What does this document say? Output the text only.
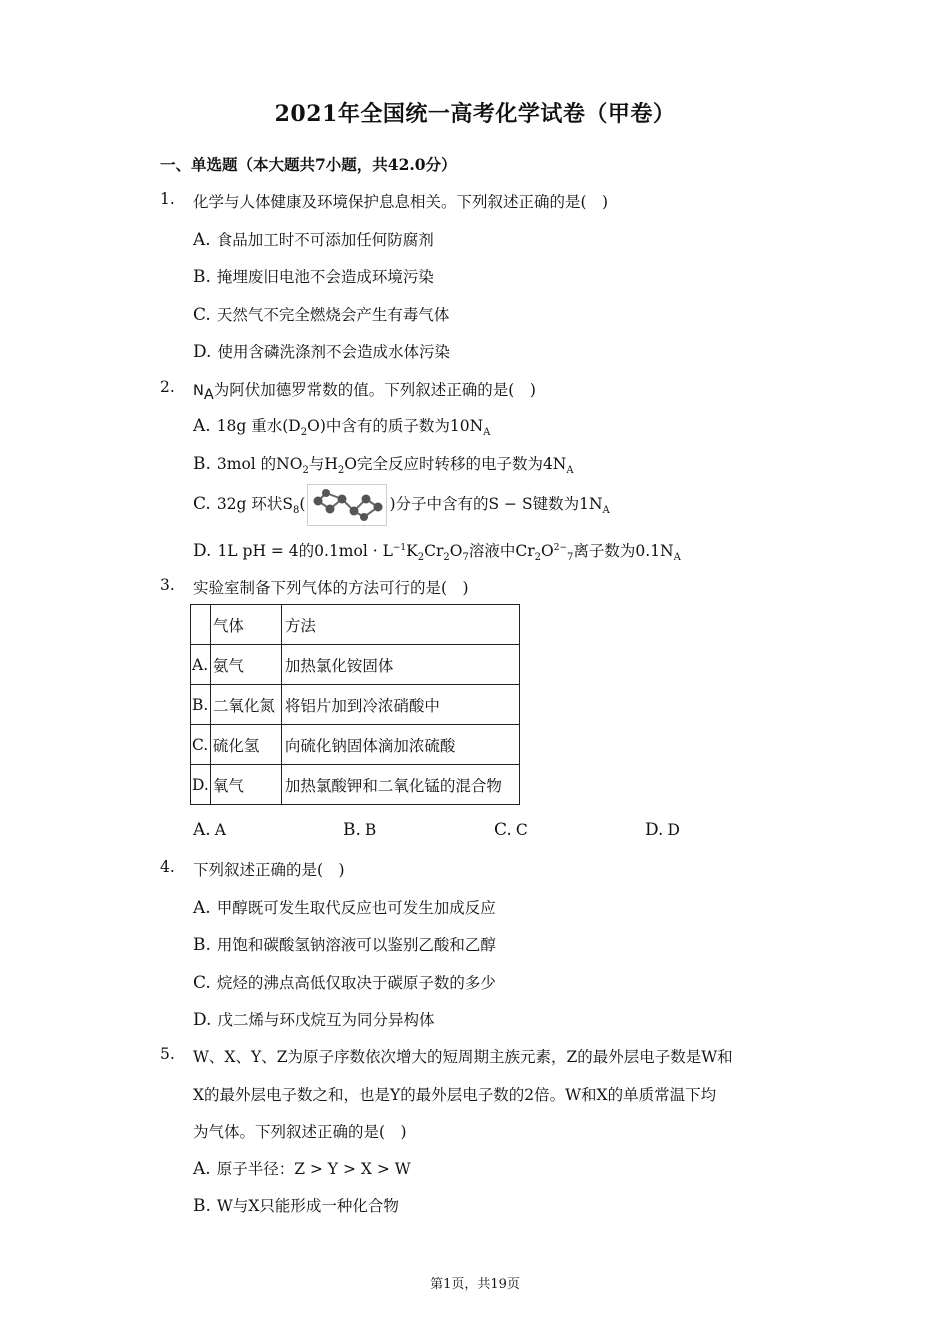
2021年全国统一高考化学试卷（甲卷）
一、单选题（本大题共7小题，共42.0分）
1. 化学与人体健康及环境保护息息相关。下列叙述正确的是(　)
A. 食品加工时不可添加任何防腐剂
B. 掩埋废旧电池不会造成环境污染
C. 天然气不完全燃烧会产生有毒气体
D. 使用含磷洗涤剂不会造成水体污染
2. $N_A$为阿伏加德罗常数的值。下列叙述正确的是(　)
A. 18g 重水$(D_2O)$中含有的质子数为$10N_A$
B. 3mol 的$NO_2$与$H_2O$完全反应时转移的电子数为$4N_A$
C. 32g 环状$S_8$(	)分子中含有的S − S键数为$1N_A$
D. 1L pH = 4的$0.1mol \cdot L^{-1}K_2Cr_2O_7$溶液中$Cr_2O^{2-}_7$离子数为$0.1N_A$
3. 实验室制备下列气体的方法可行的是(　)
	气体	方法
A.	氨气	加热氯化铵固体
B.	二氧化氮	将铝片加到冷浓硝酸中
C.	硫化氢	向硫化钠固体滴加浓硫酸
D.	氧气	加热氯酸钾和二氧化锰的混合物
A. A	B. B	C. C	D. D
4. 下列叙述正确的是(　)
A. 甲醇既可发生取代反应也可发生加成反应
B. 用饱和碳酸氢钠溶液可以鉴别乙酸和乙醇
C. 烷烃的沸点高低仅取决于碳原子数的多少
D. 戊二烯与环戊烷互为同分异构体
5. W、X、Y、Z为原子序数依次增大的短周期主族元素，Z的最外层电子数是W和
X的最外层电子数之和，也是Y的最外层电子数的2倍。W和X的单质常温下均
为气体。下列叙述正确的是(　)
A. 原子半径：Z > Y > X > W
B. W与X只能形成一种化合物
第1页，共19页
